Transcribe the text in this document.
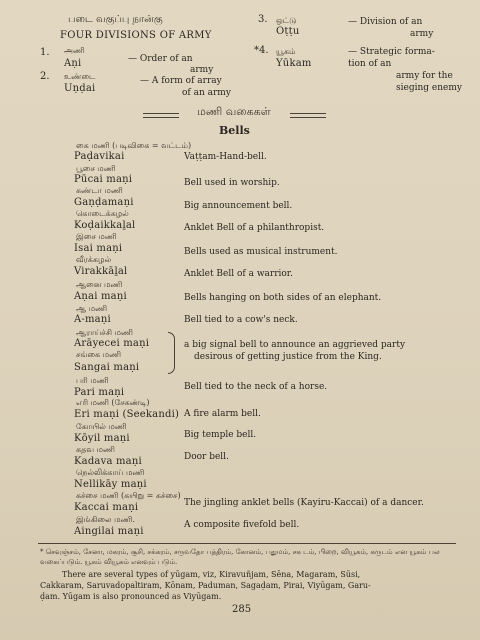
படை வகுப்பு நான்கு
FOUR DIVISIONS OF ARMY
1. அணி
Aṇi	— Order of an
army
2. உண்டை
Uṇḍai
— A form of array
of an army
3. ஒட்டு
Oṭṭu
— Division of an
army
*4. யூகம்
Yūkam
— Strategic forma-
tion of an
army for the
sieging enemy
மணி வகைகள்
Bells
கை மணி (படிவிகை = வட்டம்)
Paḍavikai	Vaṭṭam-Hand-bell.
பூசை மணி
Pūcai maṇi	Bell used in worship.
கண்டா மணி
Gaṇḍamaṇi	Big announcement bell.
கொடைக்கழல்
Koḍaikkaḻal	Anklet Bell of a philanthropist.
இசை மணி
Isai maṇi	Bells used as musical instrument.
வீரக்கழல்
Virakkāḻal	Anklet Bell of a warrior.
ஆனை மணி
Aṇai maṇi	Bells hanging on both sides of an elephant.
ஆ மணி
A-maṇi	Bell tied to a cow's neck.
ஆராய்ச்சி மணி
Arāyecei maṇi	a big signal bell to announce an aggrieved party
desirous of getting justice from the King.
சங்கை மணி
Sangai maṇi
பரி மணி
Pari maṇi	Bell tied to the neck of a horse.
எரி மணி (சேகண்டி)
Eri maṇi (Seekandi) A fire alarm bell.
கோயில் மணி
Kōyil maṇi	Big temple bell.
கதவ மணி
Kadava maṇi	Door bell.
நெல்லிக்காய் மணி
Nellikāy maṇi
கச்சை மணி (கயிறு = கச்சை)
Kaccai maṇi	The jingling anklet bells (Kayiru-Kaccai) of a dancer.
இங்கிலை மணி.
Aingilai maṇi
A composite fivefold bell.
* செவுஞ்சம், சேனா, மகரம், சூசி, சக்கரம், சருவதோ பத்திரம், கோனம், பதுமம், சக டம், பிறை, வியூகம், கருடம் என யூகம் பல வகைப்படும். யூகம் வியூகம் எனவும் படும்.
There are several types of yūgam, viz, Kiravuñjam, Sēna, Magaram, Sūsi,
Cakkaram, Saruvadopaltiram, Kōnam, Paduman, Sagaḍam, Pirai, Viyūgam, Garu-
ḍam. Yūgam is also pronounced as Viyūgam.
285
